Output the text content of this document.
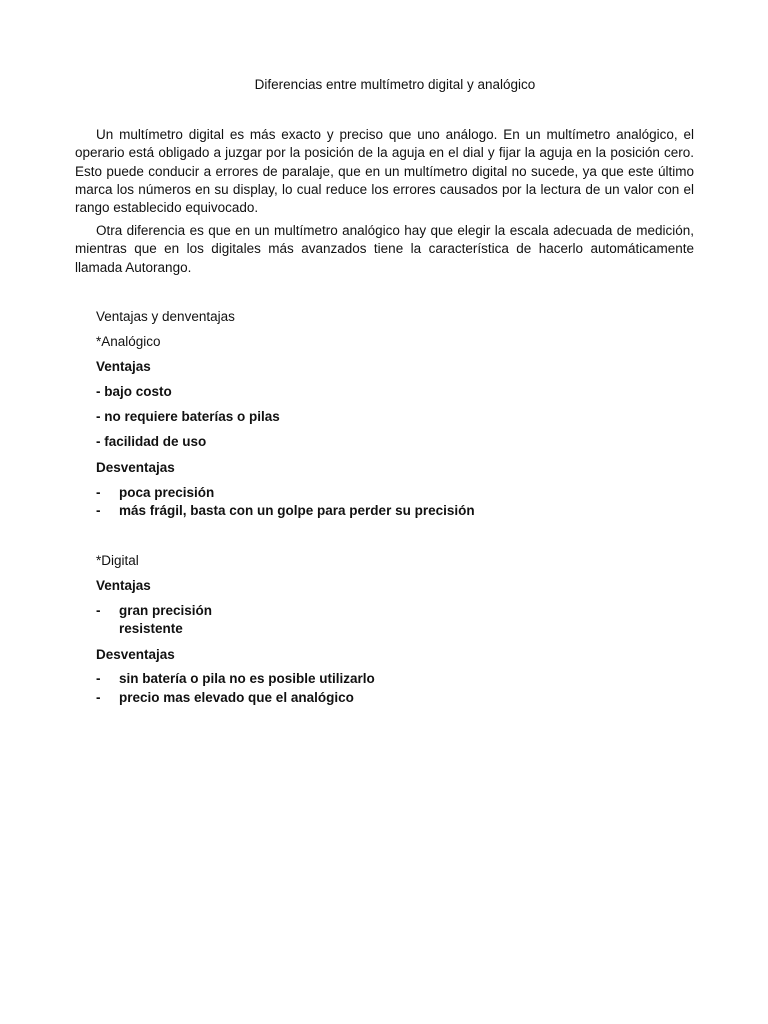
Diferencias entre multímetro digital y analógico

Un multímetro digital es más exacto y preciso que uno análogo. En un multímetro analógico, el operario está obligado a juzgar por la posición de la aguja en el dial y fijar la aguja en la posición cero. Esto puede conducir a errores de paralaje, que en un multímetro digital no sucede, ya que este último marca los números en su display, lo cual reduce los errores causados por la lectura de un valor con el rango establecido equivocado.

Otra diferencia es que en un multímetro analógico hay que elegir la escala adecuada de medición, mientras que en los digitales más avanzados tiene la característica de hacerlo automáticamente llamada Autorango.

Ventajas y denventajas
*Analógico
Ventajas
- bajo costo
- no requiere baterías o pilas
- facilidad de uso
Desventajas
- poca precisión
- más frágil, basta con un golpe para perder su precisión
*Digital
Ventajas
- gran precisión
resistente
Desventajas
- sin batería o pila no es posible utilizarlo
- precio mas elevado que el analógico
